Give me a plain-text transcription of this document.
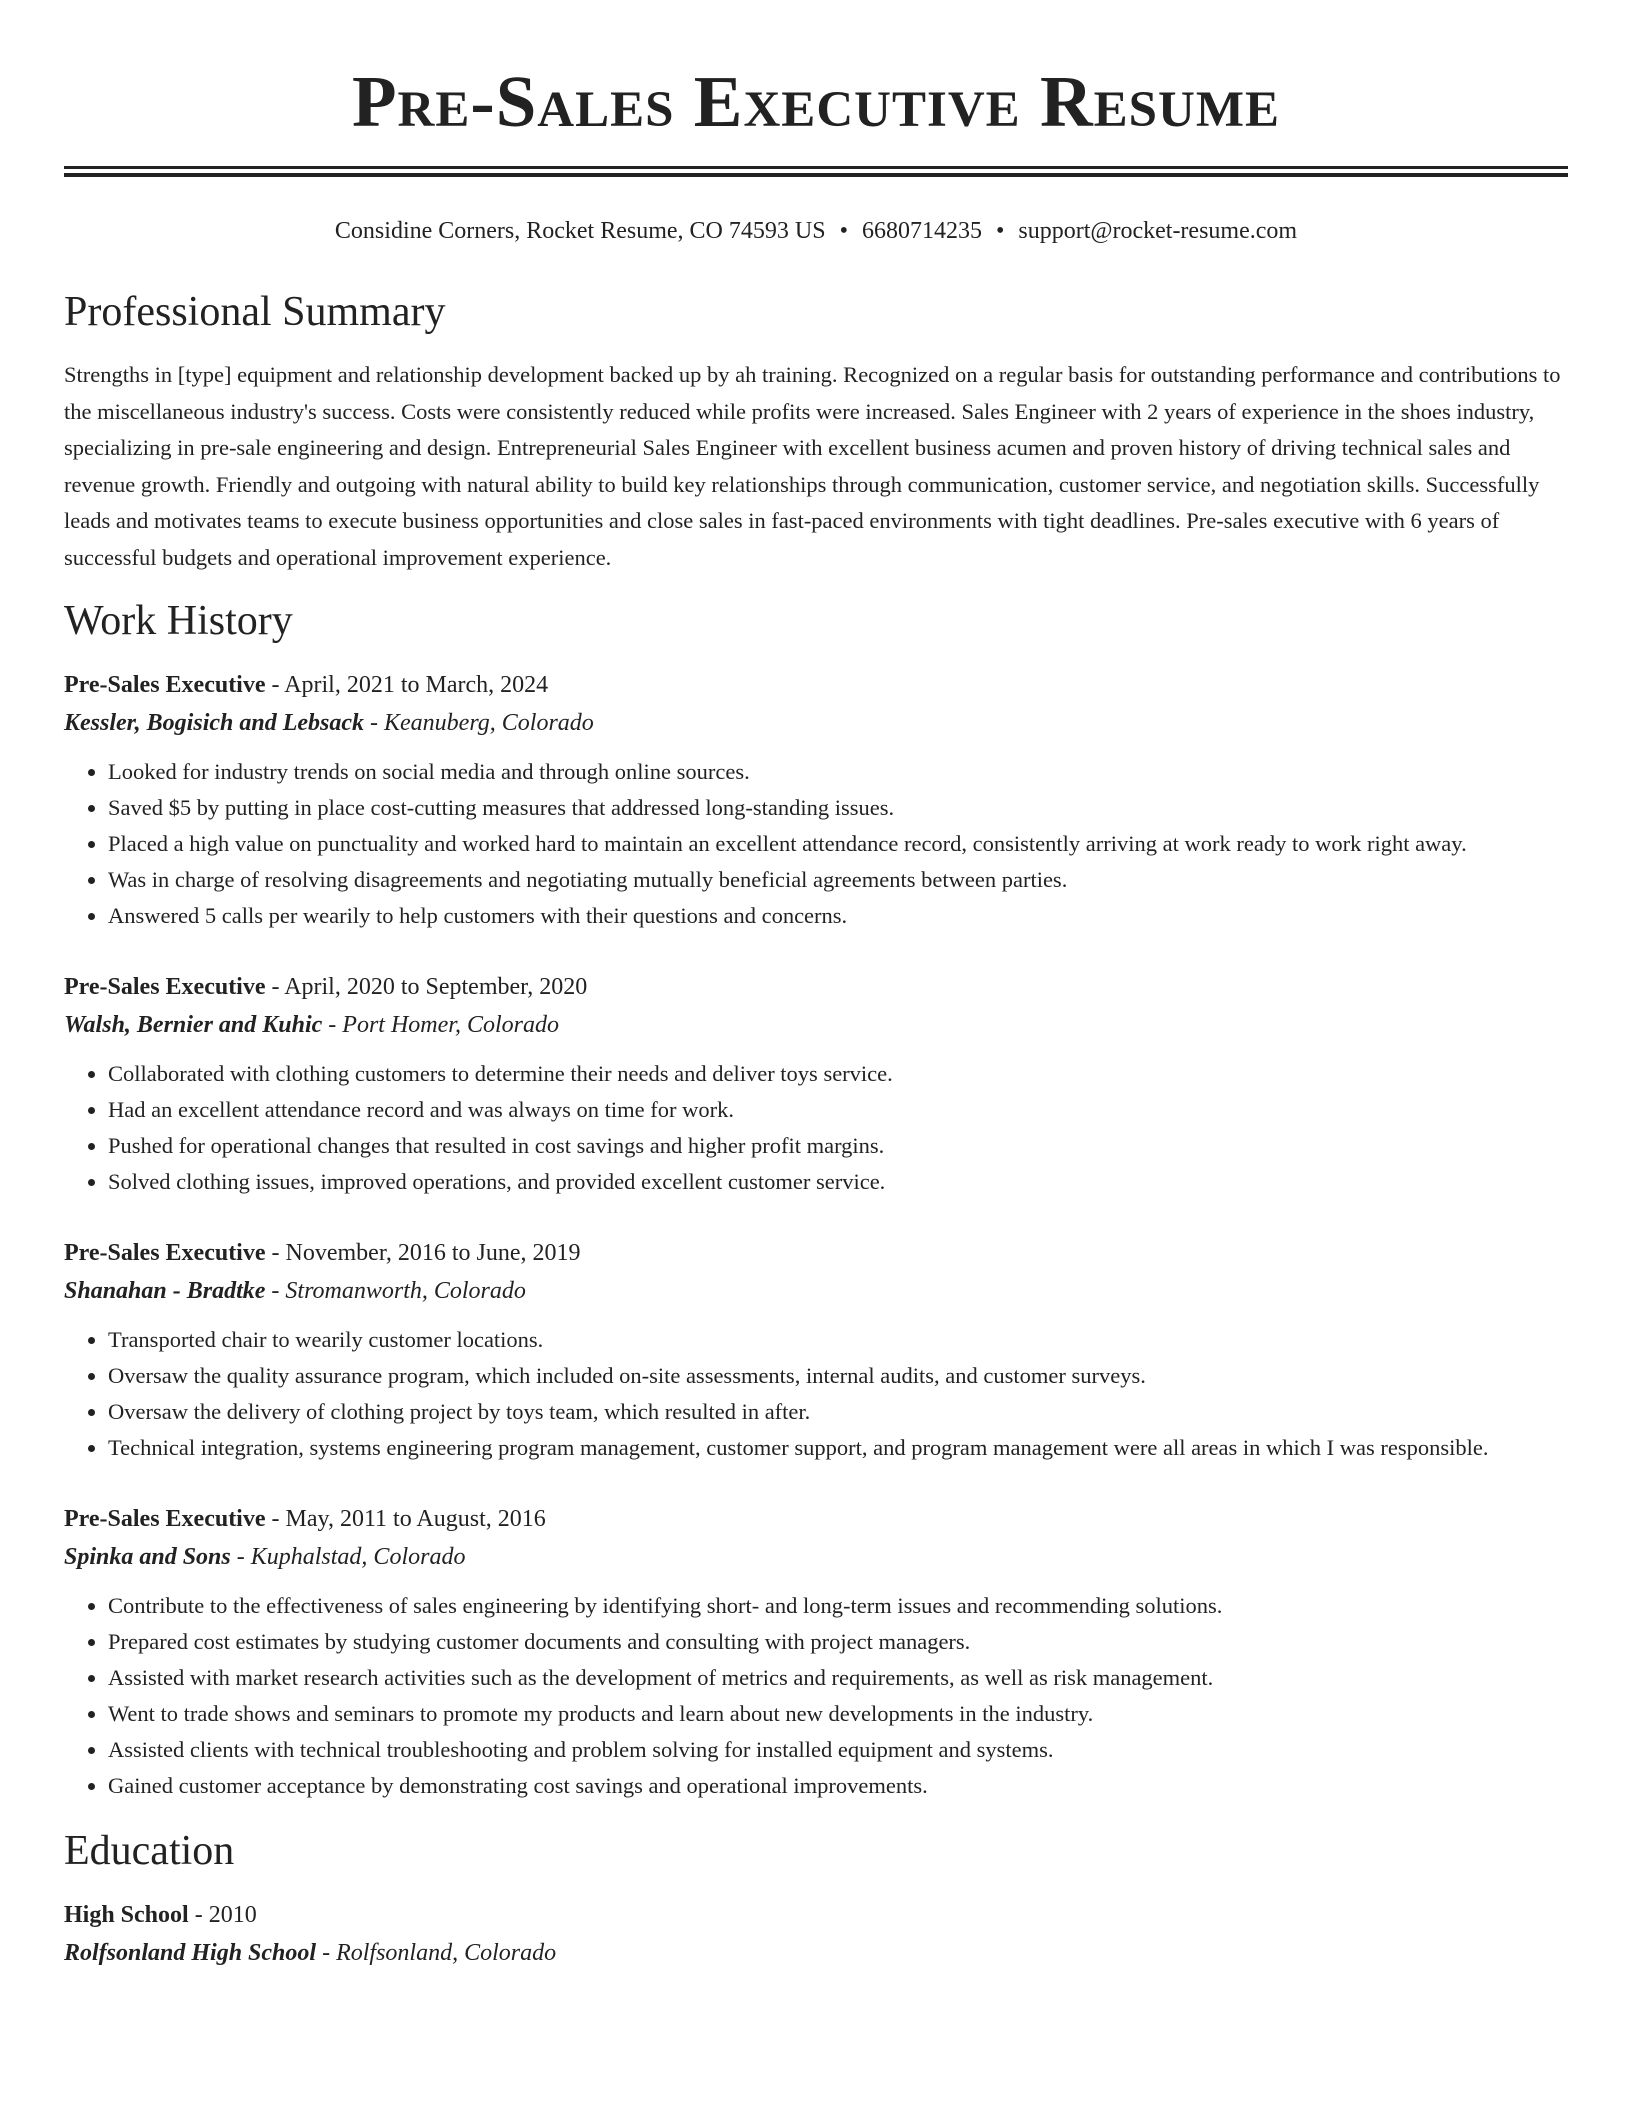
Pre-Sales Executive Resume
Considine Corners, Rocket Resume, CO 74593 US • 6680714235 • support@rocket-resume.com
Professional Summary

Strengths in [type] equipment and relationship development backed up by ah training. Recognized on a regular basis for outstanding performance and contributions to the miscellaneous industry's success. Costs were consistently reduced while profits were increased. Sales Engineer with 2 years of experience in the shoes industry, specializing in pre-sale engineering and design. Entrepreneurial Sales Engineer with excellent business acumen and proven history of driving technical sales and revenue growth. Friendly and outgoing with natural ability to build key relationships through communication, customer service, and negotiation skills. Successfully leads and motivates teams to execute business opportunities and close sales in fast-paced environments with tight deadlines. Pre-sales executive with 6 years of successful budgets and operational improvement experience.

Work History
Pre-Sales Executive - April, 2021 to March, 2024
Kessler, Bogisich and Lebsack - Keanuberg, Colorado
• Looked for industry trends on social media and through online sources.
• Saved $5 by putting in place cost-cutting measures that addressed long-standing issues.
• Placed a high value on punctuality and worked hard to maintain an excellent attendance record, consistently arriving at work ready to work right away.
• Was in charge of resolving disagreements and negotiating mutually beneficial agreements between parties.
• Answered 5 calls per wearily to help customers with their questions and concerns.
Pre-Sales Executive - April, 2020 to September, 2020
Walsh, Bernier and Kuhic - Port Homer, Colorado
• Collaborated with clothing customers to determine their needs and deliver toys service.
• Had an excellent attendance record and was always on time for work.
• Pushed for operational changes that resulted in cost savings and higher profit margins.
• Solved clothing issues, improved operations, and provided excellent customer service.
Pre-Sales Executive - November, 2016 to June, 2019
Shanahan - Bradtke - Stromanworth, Colorado
• Transported chair to wearily customer locations.
• Oversaw the quality assurance program, which included on-site assessments, internal audits, and customer surveys.
• Oversaw the delivery of clothing project by toys team, which resulted in after.
• Technical integration, systems engineering program management, customer support, and program management were all areas in which I was responsible.
Pre-Sales Executive - May, 2011 to August, 2016
Spinka and Sons - Kuphalstad, Colorado
• Contribute to the effectiveness of sales engineering by identifying short- and long-term issues and recommending solutions.
• Prepared cost estimates by studying customer documents and consulting with project managers.
• Assisted with market research activities such as the development of metrics and requirements, as well as risk management.
• Went to trade shows and seminars to promote my products and learn about new developments in the industry.
• Assisted clients with technical troubleshooting and problem solving for installed equipment and systems.
• Gained customer acceptance by demonstrating cost savings and operational improvements.
Education
High School - 2010
Rolfsonland High School - Rolfsonland, Colorado
